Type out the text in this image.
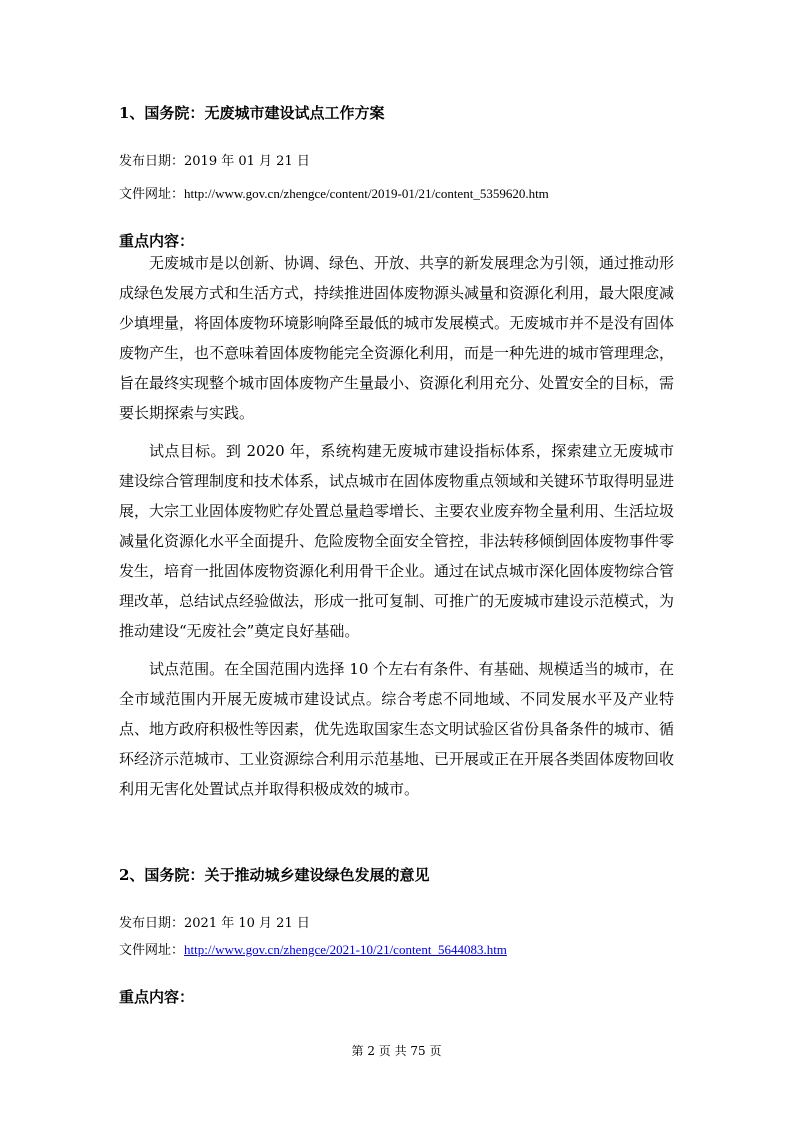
1、国务院：无废城市建设试点工作方案
发布日期：2019 年 01 月 21 日
文件网址：http://www.gov.cn/zhengce/content/2019-01/21/content_5359620.htm
重点内容：

无废城市是以创新、协调、绿色、开放、共享的新发展理念为引领，通过推动形成绿色发展方式和生活方式，持续推进固体废物源头减量和资源化利用，最大限度减少填埋量，将固体废物环境影响降至最低的城市发展模式。无废城市并不是没有固体废物产生，也不意味着固体废物能完全资源化利用，而是一种先进的城市管理理念，旨在最终实现整个城市固体废物产生量最小、资源化利用充分、处置安全的目标，需要长期探索与实践。

试点目标。到 2020 年，系统构建无废城市建设指标体系，探索建立无废城市建设综合管理制度和技术体系，试点城市在固体废物重点领域和关键环节取得明显进展，大宗工业固体废物贮存处置总量趋零增长、主要农业废弃物全量利用、生活垃圾减量化资源化水平全面提升、危险废物全面安全管控，非法转移倾倒固体废物事件零发生，培育一批固体废物资源化利用骨干企业。通过在试点城市深化固体废物综合管理改革，总结试点经验做法，形成一批可复制、可推广的无废城市建设示范模式，为推动建设“无废社会”奠定良好基础。

试点范围。在全国范围内选择 10 个左右有条件、有基础、规模适当的城市，在全市域范围内开展无废城市建设试点。综合考虑不同地域、不同发展水平及产业特点、地方政府积极性等因素，优先选取国家生态文明试验区省份具备条件的城市、循环经济示范城市、工业资源综合利用示范基地、已开展或正在开展各类固体废物回收利用无害化处置试点并取得积极成效的城市。

2、国务院：关于推动城乡建设绿色发展的意见
发布日期：2021 年 10 月 21 日
文件网址：http://www.gov.cn/zhengce/2021-10/21/content_5644083.htm
重点内容：
第 2 页 共 75 页
